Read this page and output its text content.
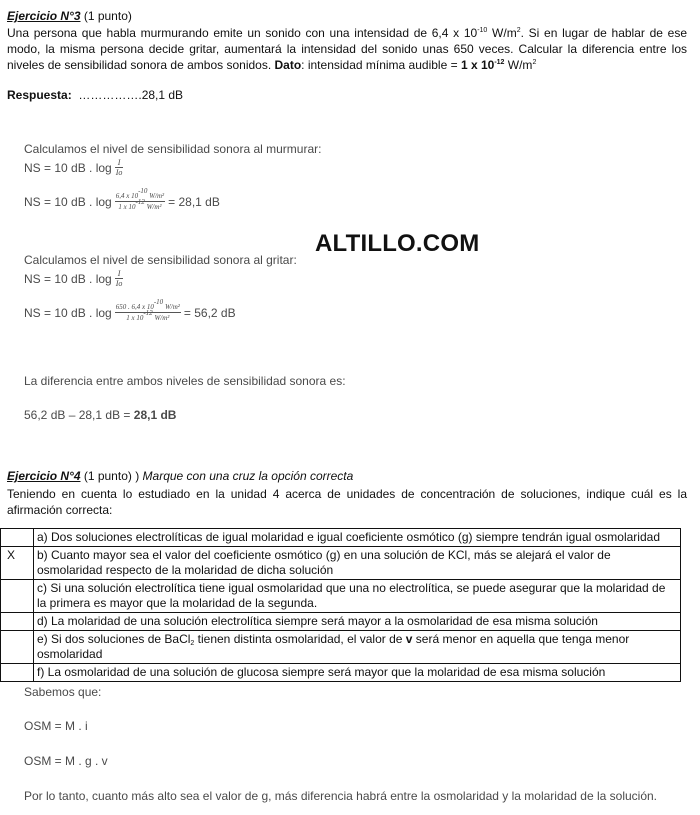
Ejercicio N°3 (1 punto)
Una persona que habla murmurando emite un sonido con una intensidad de 6,4 x $10^{-10}$ $W/m^2$. Si en lugar de hablar de ese modo, la misma persona decide gritar, aumentará la intensidad del sonido unas 650 veces. Calcular la diferencia entre los niveles de sensibilidad sonora de ambos sonidos. Dato: intensidad mínima audible = 1 x $10^{-12}$ $W/m^2$
Respuesta: …………….28,1 dB
Calculamos el nivel de sensibilidad sonora al murmurar:
NS = 10 dB . $\log \frac{I}{Io}$
NS = 10 dB . $\log \frac{6,4 x 10^{-10} W/m^2}{1 x 10^{-12} W/m^2} = 28,1$ dB
ALTILLO.COM
Calculamos el nivel de sensibilidad sonora al gritar:
NS = 10 dB . $\log \frac{I}{Io}$
NS = 10 dB . $\log \frac{650 . 6,4 x 10^{-10} W/m^2}{1 x 10^{-12} W/m^2} = 56,2$ dB
La diferencia entre ambos niveles de sensibilidad sonora es:
56,2 dB – 28,1 dB = 28,1 dB
Ejercicio N°4 (1 punto) ) Marque con una cruz la opción correcta
Teniendo en cuenta lo estudiado en la unidad 4 acerca de unidades de concentración de soluciones, indique cuál es la afirmación correcta:
	a) Dos soluciones electrolíticas de igual molaridad e igual coeficiente osmótico (g) siempre tendrán igual osmolaridad
X	b) Cuanto mayor sea el valor del coeficiente osmótico (g) en una solución de KCl, más se alejará el valor de osmolaridad respecto de la molaridad de dicha solución
	c) Si una solución electrolítica tiene igual osmolaridad que una no electrolítica, se puede asegurar que la molaridad de la primera es mayor que la molaridad de la segunda.
	d) La molaridad de una solución electrolítica siempre será mayor a la osmolaridad de esa misma solución
	e) Si dos soluciones de BaCl$_2$ tienen distinta osmolaridad, el valor de v será menor en aquella que tenga menor osmolaridad
	f) La osmolaridad de una solución de glucosa siempre será mayor que la molaridad de esa misma solución
Sabemos que:
OSM = M . i
OSM = M . g . v
Por lo tanto, cuanto más alto sea el valor de g, más diferencia habrá entre la osmolaridad y la molaridad de la solución.
